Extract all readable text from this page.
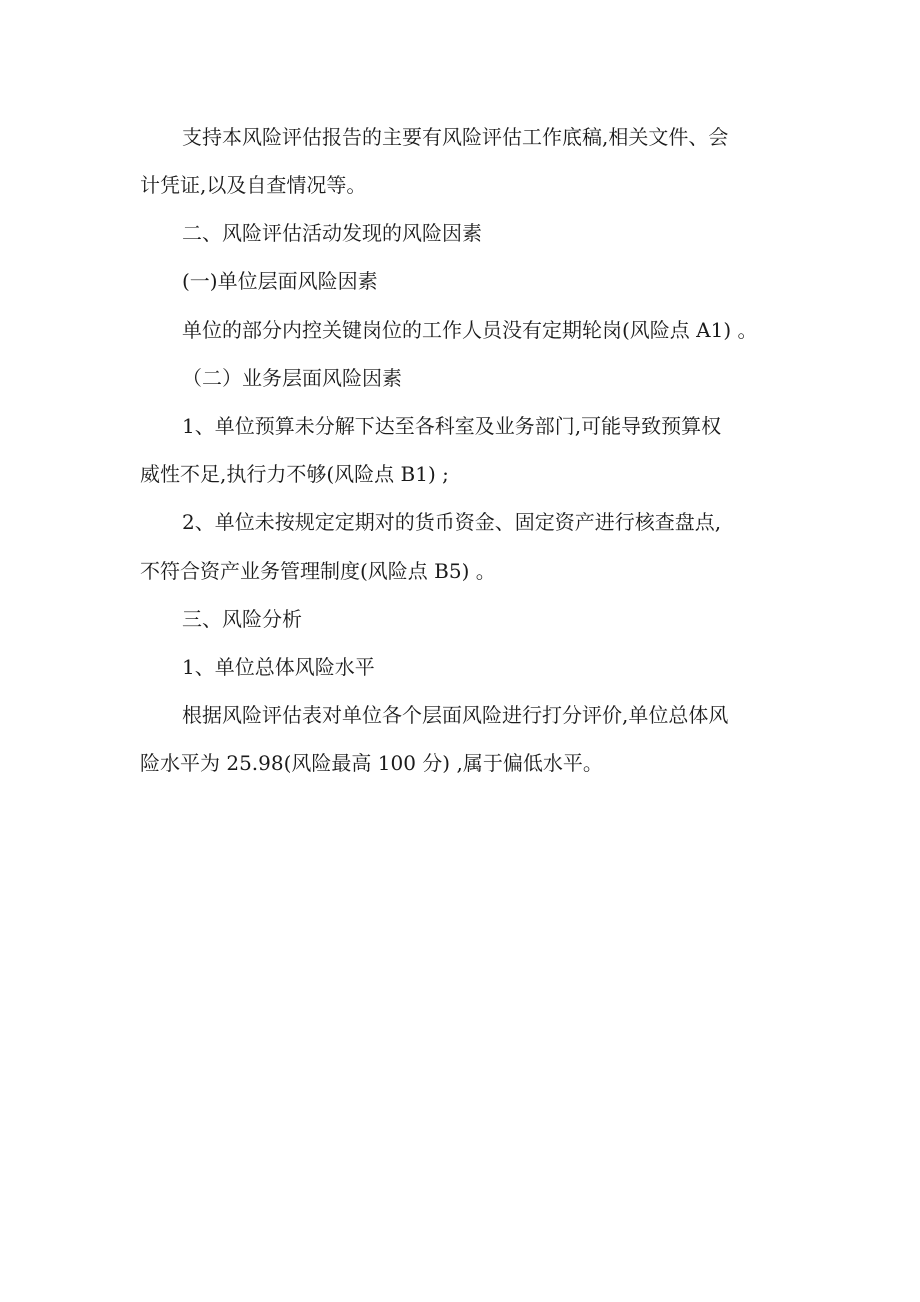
支持本风险评估报告的主要有风险评估工作底稿,相关文件、会
计凭证,以及自查情况等。
二、风险评估活动发现的风险因素
(一)单位层面风险因素
单位的部分内控关键岗位的工作人员没有定期轮岗(风险点 A1) 。
（二）业务层面风险因素
1、单位预算未分解下达至各科室及业务部门,可能导致预算权
威性不足,执行力不够(风险点 B1) ;
2、单位未按规定定期对的货币资金、固定资产进行核查盘点,
不符合资产业务管理制度(风险点 B5) 。
三、风险分析
1、单位总体风险水平
根据风险评估表对单位各个层面风险进行打分评价,单位总体风
险水平为 25.98(风险最高 100 分) ,属于偏低水平。
